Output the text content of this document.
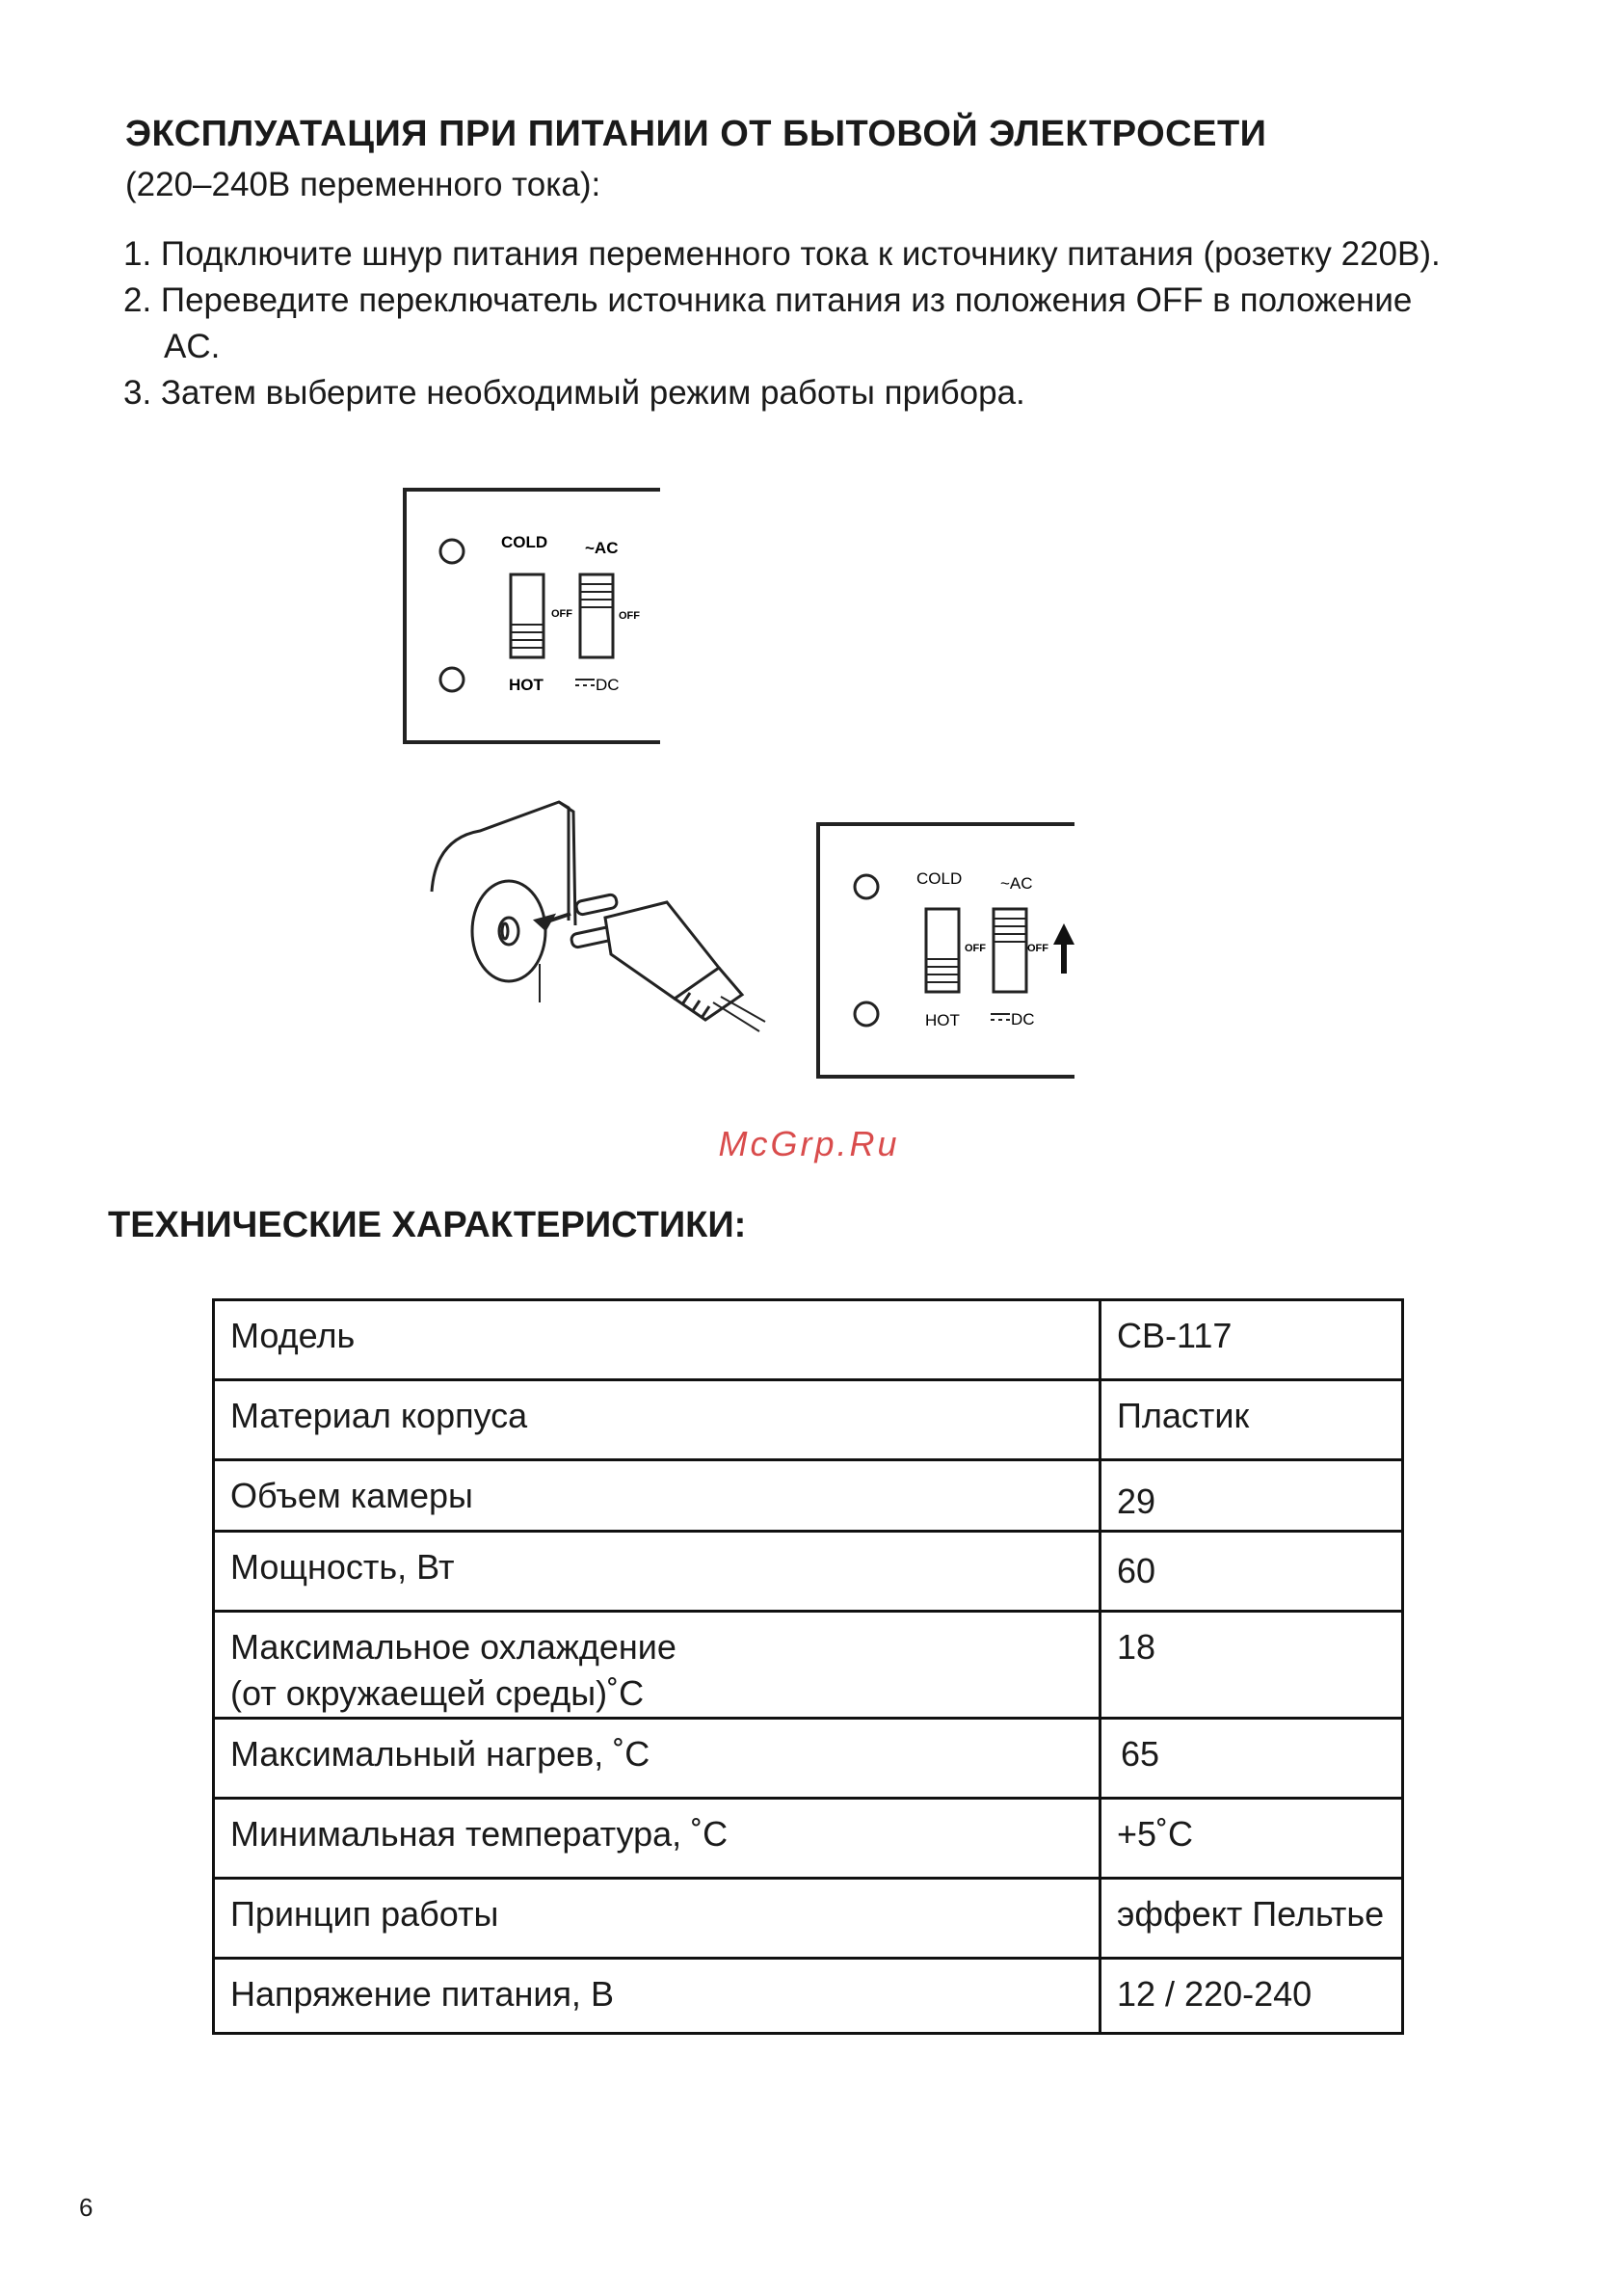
ЭКСПЛУАТАЦИЯ ПРИ ПИТАНИИ ОТ БЫТОВОЙ ЭЛЕКТРОСЕТИ
(220–240В переменного тока):
1. Подключите шнур питания переменного тока к источнику питания (розетку 220В).
2. Переведите переключатель источника питания из положения OFF в положение
AC.
3. Затем выберите необходимый режим работы прибора.
COLD ~AC
OFF	OFF
HOT	DC
COLD ~AC
OFF	OFF
HOT	DC
McGrp.Ru
ТЕХНИЧЕСКИЕ ХАРАКТЕРИСТИКИ:
Модель	CB-117
Материал корпуса	Пластик
Объем камеры	29
Мощность, Вт	60

Максимальное охлаждение
(от окружаещей среды)˚С	18
Максимальный нагрев, ˚С	65
Минимальная температура, ˚С	+5˚С
Принцип работы	эффект Пельтье
Напряжение питания, В	12 / 220-240
6
